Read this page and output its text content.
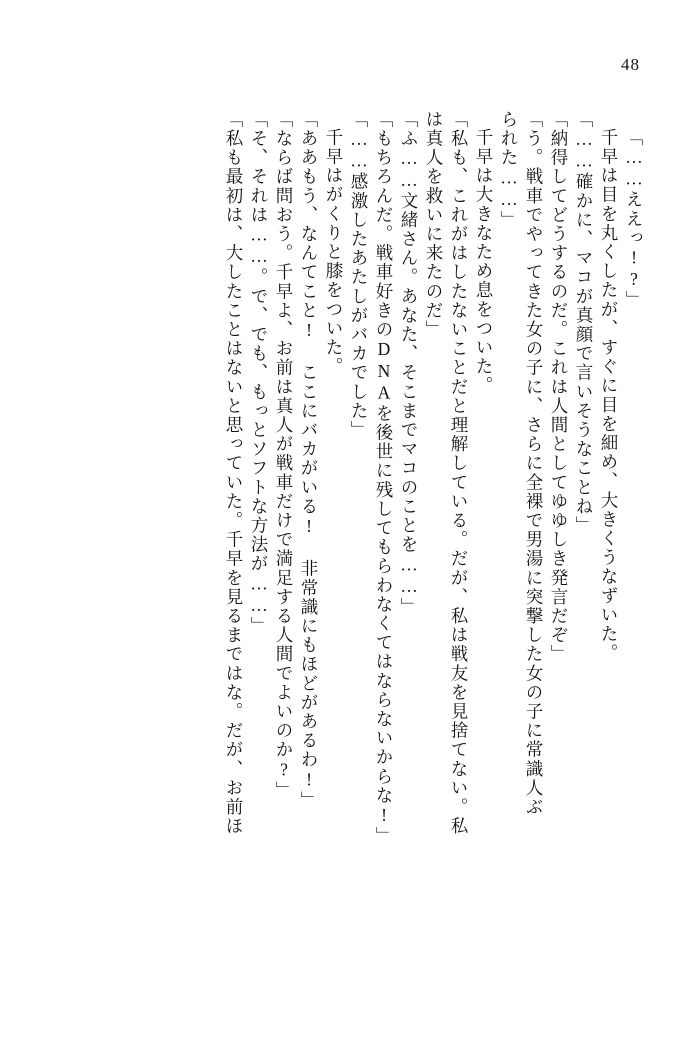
48
「……ええっ!?」
千早は目を丸くしたが、すぐに目を細め、大きくうなずいた。
「……確かに、マコが真顔で言いそうなことね」
「納得してどうするのだ。これは人間としてゆゆしき発言だぞ」
「う。戦車でやってきた女の子に、さらに全裸で男湯に突撃した女の子に常識人ぶ
られた……」
千早は大きなため息をついた。
「私も、これがはしたないことだと理解している。だが、私は戦友を見捨てない。私
は真人を救いに来たのだ」
「ふ……文緒さん。あなた、そこまでマコのことを……」
「もちろんだ。戦車好きのDNAを後世に残してもらわなくてはならないからな!」
「……感激したあたしがバカでした」
千早はがくりと膝をついた。
「ああもう、なんてこと! ここにバカがいる! 非常識にもほどがあるわ!」
「ならば問おう。千早よ、お前は真人が戦車だけで満足する人間でよいのか?」
「そ、それは……。で、でも、もっとソフトな方法が……」
「私も最初は、大したことはないと思っていた。千早を見るまではな。だが、お前ほ
